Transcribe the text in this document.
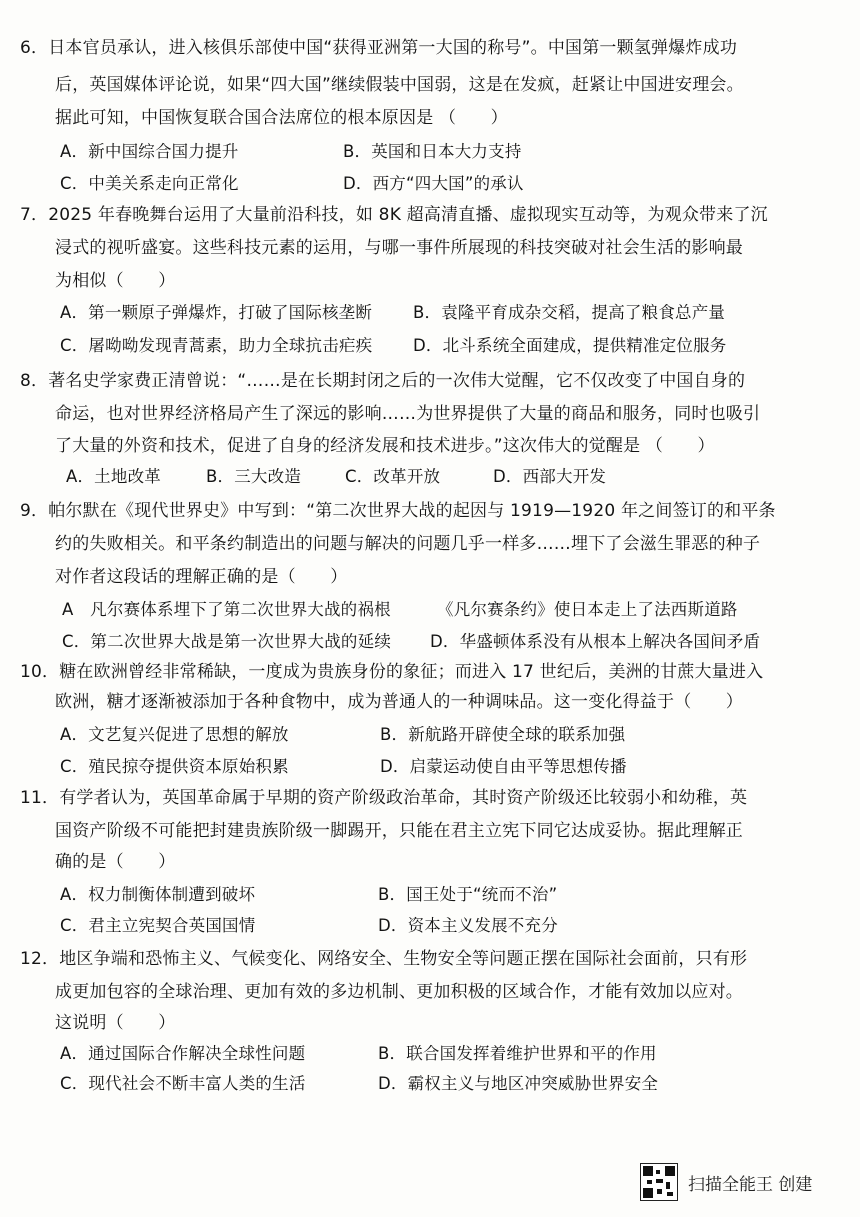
6．日本官员承认，进入核俱乐部使中国“获得亚洲第一大国的称号”。中国第一颗氢弹爆炸成功
后，英国媒体评论说，如果“四大国”继续假装中国弱，这是在发疯，赶紧让中国进安理会。
据此可知，中国恢复联合国合法席位的根本原因是 （　　）
A．新中国综合国力提升	B．英国和日本大力支持
C．中美关系走向正常化	D．西方“四大国”的承认
7．2025 年春晚舞台运用了大量前沿科技，如 8K 超高清直播、虚拟现实互动等，为观众带来了沉
浸式的视听盛宴。这些科技元素的运用，与哪一事件所展现的科技突破对社会生活的影响最
为相似（　　）
A．第一颗原子弹爆炸，打破了国际核垄断 B．袁隆平育成杂交稻，提高了粮食总产量
C．屠呦呦发现青蒿素，助力全球抗击疟疾 D．北斗系统全面建成，提供精准定位服务
8．著名史学家费正清曾说：“……是在长期封闭之后的一次伟大觉醒，它不仅改变了中国自身的
命运，也对世界经济格局产生了深远的影响……为世界提供了大量的商品和服务，同时也吸引
了大量的外资和技术，促进了自身的经济发展和技术进步。”这次伟大的觉醒是 （　　）
A．土地改革	B．三大改造	C．改革开放	D．西部大开发
9．帕尔默在《现代世界史》中写到：“第二次世界大战的起因与 1919—1920 年之间签订的和平条
约的失败相关。和平条约制造出的问题与解决的问题几乎一样多……埋下了会滋生罪恶的种子
对作者这段话的理解正确的是（　　）
A　凡尔赛体系埋下了第二次世界大战的祸根	《凡尔赛条约》使日本走上了法西斯道路
C．第二次世界大战是第一次世界大战的延续 D．华盛顿体系没有从根本上解决各国间矛盾
10．糖在欧洲曾经非常稀缺，一度成为贵族身份的象征；而进入 17 世纪后，美洲的甘蔗大量进入
欧洲，糖才逐渐被添加于各种食物中，成为普通人的一种调味品。这一变化得益于（　　）
A．文艺复兴促进了思想的解放	B．新航路开辟使全球的联系加强
C．殖民掠夺提供资本原始积累	D．启蒙运动使自由平等思想传播
11．有学者认为，英国革命属于早期的资产阶级政治革命，其时资产阶级还比较弱小和幼稚，英
国资产阶级不可能把封建贵族阶级一脚踢开，只能在君主立宪下同它达成妥协。据此理解正
确的是（　　）
A．权力制衡体制遭到破坏	B．国王处于“统而不治”
C．君主立宪契合英国国情	D．资本主义发展不充分
12．地区争端和恐怖主义、气候变化、网络安全、生物安全等问题正摆在国际社会面前，只有形
成更加包容的全球治理、更加有效的多边机制、更加积极的区域合作，才能有效加以应对。
这说明（　　）
A．通过国际合作解决全球性问题	B．联合国发挥着维护世界和平的作用
C．现代社会不断丰富人类的生活	D．霸权主义与地区冲突威胁世界安全
扫描全能王 创建
